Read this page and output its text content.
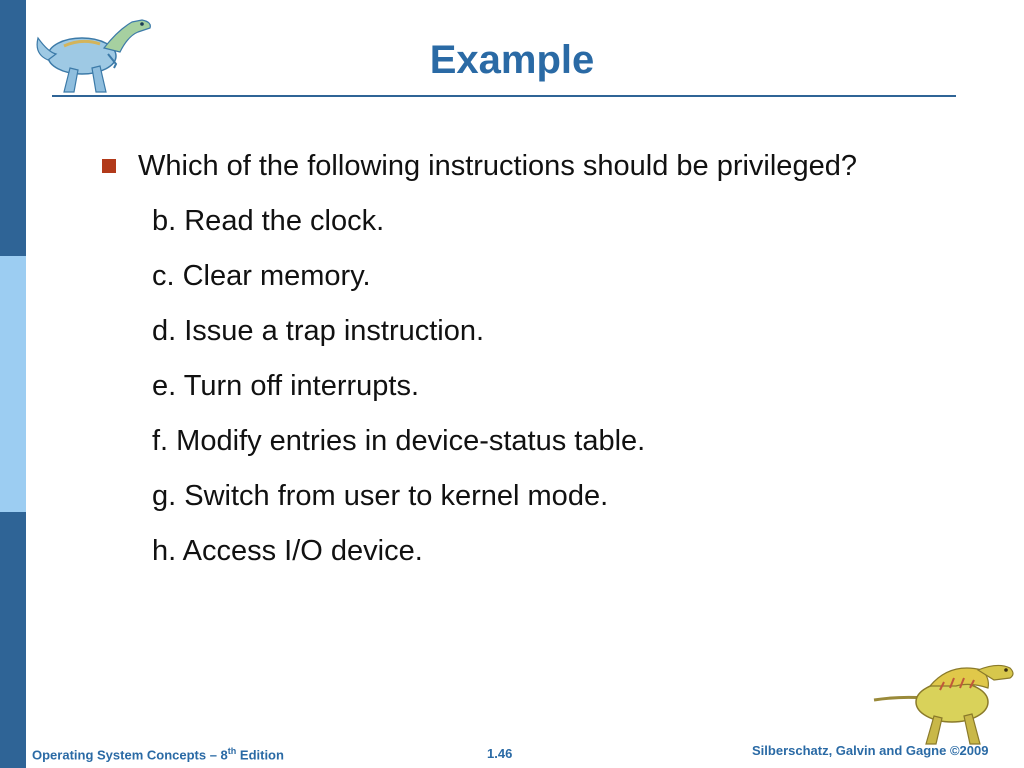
Example
Which of the following instructions should be privileged?
b. Read the clock.
c. Clear memory.
d. Issue a trap instruction.
e. Turn off interrupts.
f. Modify entries in device-status table.
g. Switch from user to kernel mode.
h. Access I/O device.
Operating System Concepts – 8th Edition	1.46	Silberschatz, Galvin and Gagne ©2009
